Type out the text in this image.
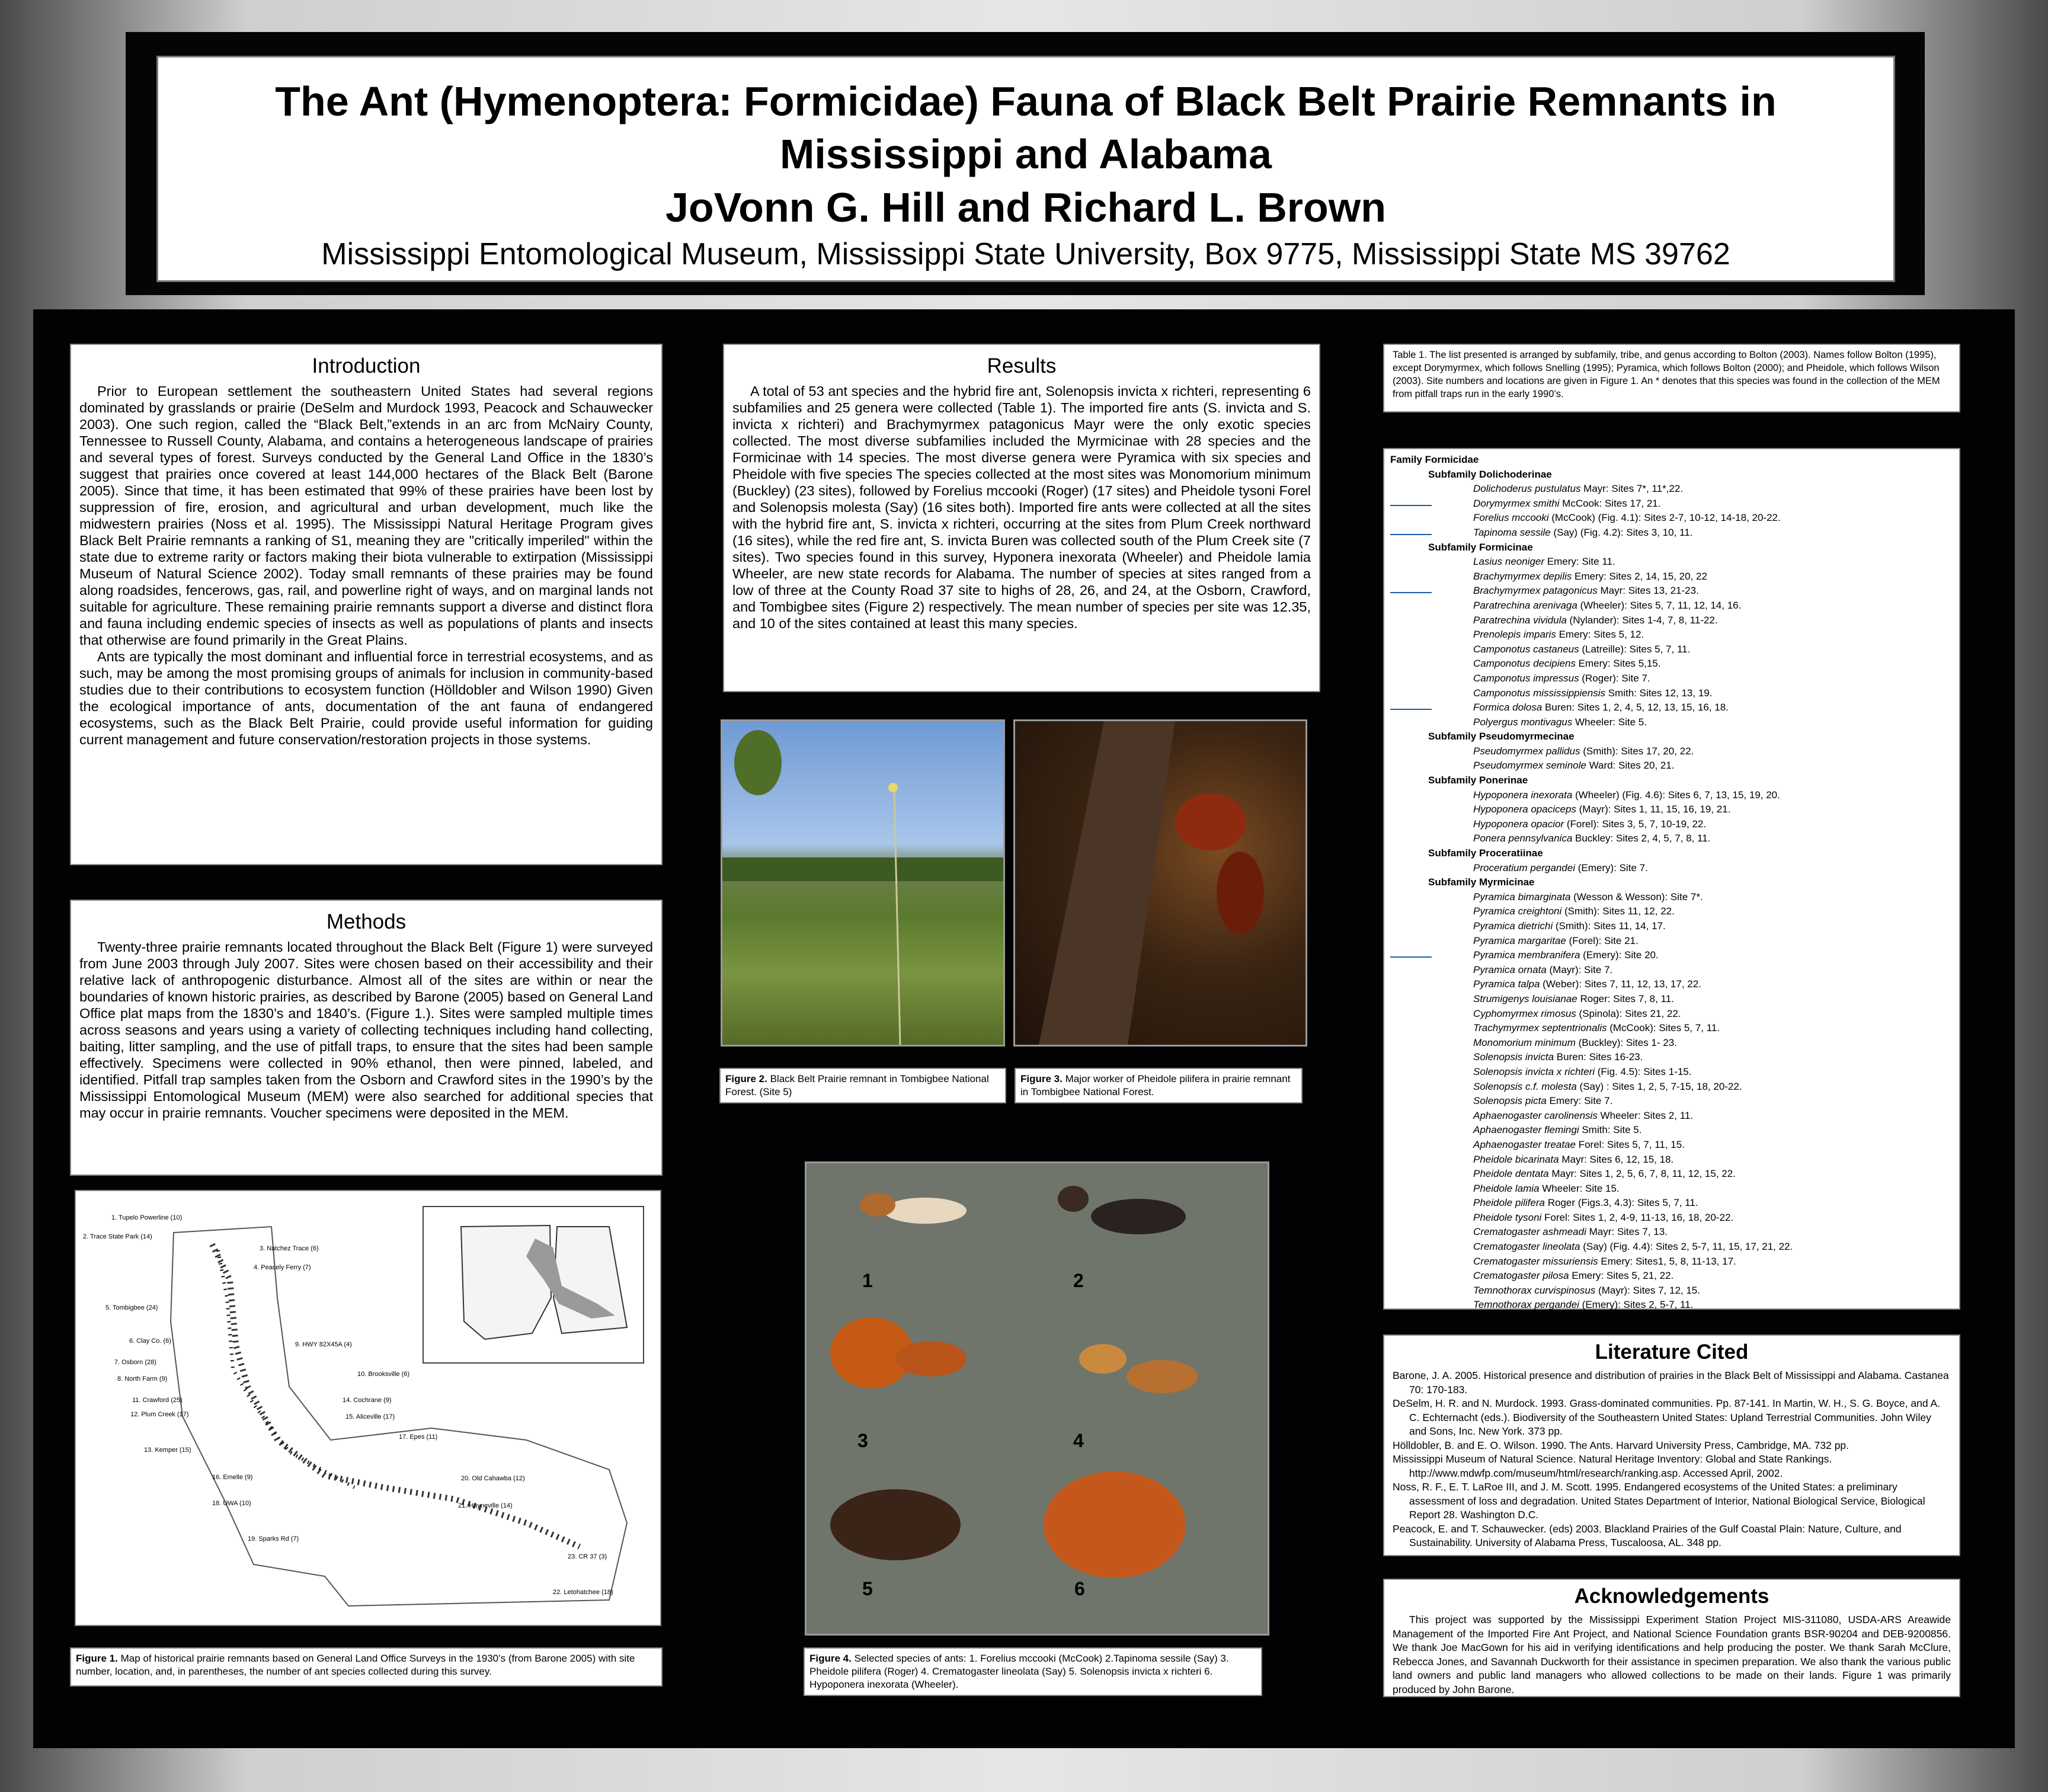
The Ant (Hymenoptera: Formicidae) Fauna of Black Belt Prairie Remnants in
Mississippi and Alabama
JoVonn G. Hill and Richard L. Brown
Mississippi Entomological Museum, Mississippi State University, Box 9775, Mississippi State MS 39762
Introduction

Prior to European settlement the southeastern United States had several regions dominated by grasslands or prairie (DeSelm and Murdock 1993, Peacock and Schauwecker 2003). One such region, called the “Black Belt,”extends in an arc from McNairy County, Tennessee to Russell County, Alabama, and contains a heterogeneous landscape of prairies and several types of forest. Surveys conducted by the General Land Office in the 1830’s suggest that prairies once covered at least 144,000 hectares of the Black Belt (Barone 2005). Since that time, it has been estimated that 99% of these prairies have been lost by suppression of fire, erosion, and agricultural and urban development, much like the midwestern prairies (Noss et al. 1995). The Mississippi Natural Heritage Program gives Black Belt Prairie remnants a ranking of S1, meaning they are "critically imperiled" within the state due to extreme rarity or factors making their biota vulnerable to extirpation (Mississippi Museum of Natural Science 2002). Today small remnants of these prairies may be found along roadsides, fencerows, gas, rail, and powerline right of ways, and on marginal lands not suitable for agriculture. These remaining prairie remnants support a diverse and distinct flora and fauna including endemic species of insects as well as populations of plants and insects that otherwise are found primarily in the Great Plains.

Ants are typically the most dominant and influential force in terrestrial ecosystems, and as such, may be among the most promising groups of animals for inclusion in community-based studies due to their contributions to ecosystem function (Hölldobler and Wilson 1990) Given the ecological importance of ants, documentation of the ant fauna of endangered ecosystems, such as the Black Belt Prairie, could provide useful information for guiding current management and future conservation/restoration projects in those systems.

Methods

Twenty-three prairie remnants located throughout the Black Belt (Figure 1) were surveyed from June 2003 through July 2007. Sites were chosen based on their accessibility and their relative lack of anthropogenic disturbance. Almost all of the sites are within or near the boundaries of known historic prairies, as described by Barone (2005) based on General Land Office plat maps from the 1830’s and 1840’s. (Figure 1.). Sites were sampled multiple times across seasons and years using a variety of collecting techniques including hand collecting, baiting, litter sampling, and the use of pitfall traps, to ensure that the sites had been sample effectively. Specimens were collected in 90% ethanol, then were pinned, labeled, and identified. Pitfall trap samples taken from the Osborn and Crawford sites in the 1990’s by the Mississippi Entomological Museum (MEM) were also searched for additional species that may occur in prairie remnants. Voucher specimens were deposited in the MEM.

1. Tupelo Powerline (10)
2. Trace State Park (14)
3. Natchez Trace (6)
4. Peacely Ferry (7)
5. Tombigbee (24)
6. Clay Co. (6)	9. HWY 82X45A (4)
7. Osborn (28)
8. North Farm (9)
10. Brooksville (6)
11. Crawford (25)	14. Cochrane (9)
12. Plum Creek (17)	15. Aliceville (17)
17. Epes (11)
13. Kemper (15)
20. Old Cahawba (12)
16. Emelle (9)
18. UWA (10)	21. Hayneville (14)
19. Sparks Rd (7)
23. CR 37 (3)
22. Letohatchee (18)
Figure 1. Map of historical prairie remnants based on General Land Office Surveys in the 1930’s (from Barone 2005) with site number, location, and, in parentheses, the number of ant species collected during this survey.
Results

A total of 53 ant species and the hybrid fire ant, Solenopsis invicta x richteri, representing 6 subfamilies and 25 genera were collected (Table 1). The imported fire ants (S. invicta and S. invicta x richteri) and Brachymyrmex patagonicus Mayr were the only exotic species collected. The most diverse subfamilies included the Myrmicinae with 28 species and the Formicinae with 14 species. The most diverse genera were Pyramica with six species and Pheidole with five species The species collected at the most sites was Monomorium minimum (Buckley) (23 sites), followed by Forelius mccooki (Roger) (17 sites) and Pheidole tysoni Forel and Solenopsis molesta (Say) (16 sites both). Imported fire ants were collected at all the sites with the hybrid fire ant, S. invicta x richteri, occurring at the sites from Plum Creek northward (16 sites), while the red fire ant, S. invicta Buren was collected south of the Plum Creek site (7 sites). Two species found in this survey, Hyponera inexorata (Wheeler) and Pheidole lamia Wheeler, are new state records for Alabama. The number of species at sites ranged from a low of three at the County Road 37 site to highs of 28, 26, and 24, at the Osborn, Crawford, and Tombigbee sites (Figure 2) respectively. The mean number of species per site was 12.35, and 10 of the sites contained at least this many species.

Figure 2. Black Belt Prairie remnant in Tombigbee National Forest. (Site 5)
Figure 3. Major worker of Pheidole pilifera in prairie remnant in Tombigbee National Forest.
1	2
3	4
5	6
Figure 4. Selected species of ants: 1. Forelius mccooki (McCook) 2.Tapinoma sessile (Say) 3. Pheidole pilifera (Roger) 4. Crematogaster lineolata (Say) 5. Solenopsis invicta x richteri 6. Hypoponera inexorata (Wheeler).
Table 1. The list presented is arranged by subfamily, tribe, and genus according to Bolton (2003). Names follow Bolton (1995), except Dorymyrmex, which follows Snelling (1995); Pyramica, which follows Bolton (2000); and Pheidole, which follows Wilson (2003). Site numbers and locations are given in Figure 1. An * denotes that this species was found in the collection of the MEM from pitfall traps run in the early 1990’s.
Family Formicidae
Subfamily Dolichoderinae
Dolichoderus pustulatus Mayr: Sites 7*, 11*,22.
Dorymyrmex smithi McCook: Sites 17, 21.
Forelius mccooki (McCook) (Fig. 4.1): Sites 2-7, 10-12, 14-18, 20-22.
Tapinoma sessile (Say) (Fig. 4.2): Sites 3, 10, 11.
Subfamily Formicinae
Lasius neoniger Emery: Site 11.
Brachymyrmex depilis Emery: Sites 2, 14, 15, 20, 22
Brachymyrmex patagonicus Mayr: Sites 13, 21-23.
Paratrechina arenivaga (Wheeler): Sites 5, 7, 11, 12, 14, 16.
Paratrechina vividula (Nylander): Sites 1-4, 7, 8, 11-22.
Prenolepis imparis Emery: Sites 5, 12.
Camponotus castaneus (Latreille): Sites 5, 7, 11.
Camponotus decipiens Emery: Sites 5,15.
Camponotus impressus (Roger): Site 7.
Camponotus mississippiensis Smith: Sites 12, 13, 19.
Formica dolosa Buren: Sites 1, 2, 4, 5, 12, 13, 15, 16, 18.
Polyergus montivagus Wheeler: Site 5.
Subfamily Pseudomyrmecinae
Pseudomyrmex pallidus (Smith): Sites 17, 20, 22.
Pseudomyrmex seminole Ward: Sites 20, 21.
Subfamily Ponerinae
Hypoponera inexorata (Wheeler) (Fig. 4.6): Sites 6, 7, 13, 15, 19, 20.
Hypoponera opaciceps (Mayr): Sites 1, 11, 15, 16, 19, 21.
Hypoponera opacior (Forel): Sites 3, 5, 7, 10-19, 22.
Ponera pennsylvanica Buckley: Sites 2, 4, 5, 7, 8, 11.
Subfamily Proceratiinae
Proceratium pergandei (Emery): Site 7.
Subfamily Myrmicinae
Pyramica bimarginata (Wesson & Wesson): Site 7*.
Pyramica creightoni (Smith): Sites 11, 12, 22.
Pyramica dietrichi (Smith): Sites 11, 14, 17.
Pyramica margaritae (Forel): Site 21.
Pyramica membranifera (Emery): Site 20.
Pyramica ornata (Mayr): Site 7.
Pyramica talpa (Weber): Sites 7, 11, 12, 13, 17, 22.
Strumigenys louisianae Roger: Sites 7, 8, 11.
Cyphomyrmex rimosus (Spinola): Sites 21, 22.
Trachymyrmex septentrionalis (McCook): Sites 5, 7, 11.
Monomorium minimum (Buckley): Sites 1- 23.
Solenopsis invicta Buren: Sites 16-23.
Solenopsis invicta x richteri (Fig. 4.5): Sites 1-15.
Solenopsis c.f. molesta (Say) : Sites 1, 2, 5, 7-15, 18, 20-22.
Solenopsis picta Emery: Site 7.
Aphaenogaster carolinensis Wheeler: Sites 2, 11.
Aphaenogaster flemingi Smith: Site 5.
Aphaenogaster treatae Forel: Sites 5, 7, 11, 15.
Pheidole bicarinata Mayr: Sites 6, 12, 15, 18.
Pheidole dentata Mayr: Sites 1, 2, 5, 6, 7, 8, 11, 12, 15, 22.
Pheidole lamia Wheeler: Site 15.
Pheidole pilifera Roger (Figs.3, 4.3): Sites 5, 7, 11.
Pheidole tysoni Forel: Sites 1, 2, 4-9, 11-13, 16, 18, 20-22.
Crematogaster ashmeadi Mayr: Sites 7, 13.
Crematogaster lineolata (Say) (Fig. 4.4): Sites 2, 5-7, 11, 15, 17, 21, 22.
Crematogaster missuriensis Emery: Sites1, 5, 8, 11-13, 17.
Crematogaster pilosa Emery: Sites 5, 21, 22.
Temnothorax curvispinosus (Mayr): Sites 7, 12, 15.
Temnothorax pergandei (Emery): Sites 2, 5-7, 11.
Myrmecina americana Emery: Sites 5, 7, 11, 13, 18, 20, 22.
Literature Cited
Barone, J. A. 2005. Historical presence and distribution of prairies in the Black Belt of Mississippi and Alabama. Castanea 70: 170-183.
DeSelm, H. R. and N. Murdock. 1993. Grass-dominated communities. Pp. 87-141. In Martin, W. H., S. G. Boyce, and A. C. Echternacht (eds.). Biodiversity of the Southeastern United States: Upland Terrestrial Communities. John Wiley and Sons, Inc. New York. 373 pp.
Hölldobler, B. and E. O. Wilson. 1990. The Ants. Harvard University Press, Cambridge, MA. 732 pp.
Mississippi Museum of Natural Science. Natural Heritage Inventory: Global and State Rankings. http://www.mdwfp.com/museum/html/research/ranking.asp. Accessed April, 2002.
Noss, R. F., E. T. LaRoe III, and J. M. Scott. 1995. Endangered ecosystems of the United States: a preliminary assessment of loss and degradation. United States Department of Interior, National Biological Service, Biological Report 28. Washington D.C.
Peacock, E. and T. Schauwecker. (eds) 2003. Blackland Prairies of the Gulf Coastal Plain: Nature, Culture, and Sustainability. University of Alabama Press, Tuscaloosa, AL. 348 pp.
Acknowledgements
This project was supported by the Mississippi Experiment Station Project MIS-311080, USDA-ARS Areawide Management of the Imported Fire Ant Project, and National Science Foundation grants BSR-90204 and DEB-9200856. We thank Joe MacGown for his aid in verifying identifications and help producing the poster. We thank Sarah McClure, Rebecca Jones, and Savannah Duckworth for their assistance in specimen preparation. We also thank the various public land owners and public land managers who allowed collections to be made on their lands. Figure 1 was primarily produced by John Barone.
